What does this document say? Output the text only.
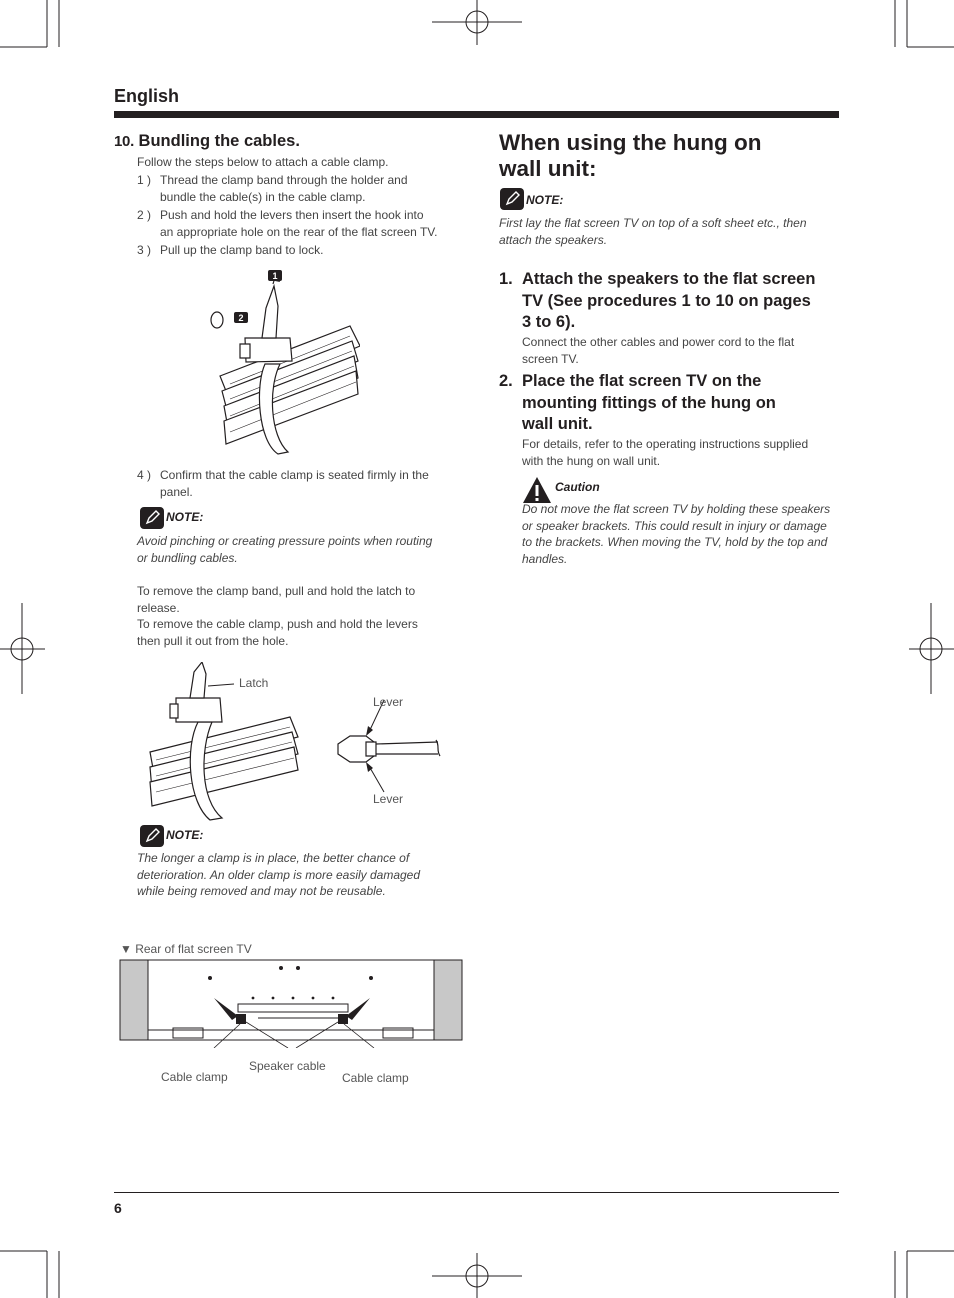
English
10. Bundling the cables.
Follow the steps below to attach a cable clamp.
1 ) Thread the clamp band through the holder and
bundle the cable(s) in the cable clamp.
2 ) Push and hold the levers then insert the hook into
an appropriate hole on the rear of the flat screen TV.
3 ) Pull up the clamp band to lock.
1
2
4 ) Confirm that the cable clamp is seated firmly in the
panel.
NOTE:
Avoid pinching or creating pressure points when routing
or bundling cables.
To remove the clamp band, pull and hold the latch to
release.
To remove the cable clamp, push and hold the levers
then pull it out from the hole.
Latch
Lever
Lever
NOTE:
The longer a clamp is in place, the better chance of
deterioration. An older clamp is more easily damaged
while being removed and may not be reusable.
▼ Rear of flat screen TV
Cable clamp
Speaker cable
Cable clamp
When using the hung on
wall unit:
NOTE:
First lay the flat screen TV on top of a soft sheet etc., then
attach the speakers.
1. Attach the speakers to the flat screen
TV (See procedures 1 to 10 on pages
3 to 6).
Connect the other cables and power cord to the flat
screen TV.
2. Place the flat screen TV on the
mounting fittings of the hung on
wall unit.
For details, refer to the operating instructions supplied
with the hung on wall unit.
Caution
Do not move the flat screen TV by holding these speakers
or speaker brackets. This could result in injury or damage
to the brackets. When moving the TV, hold by the top and
handles.
6
